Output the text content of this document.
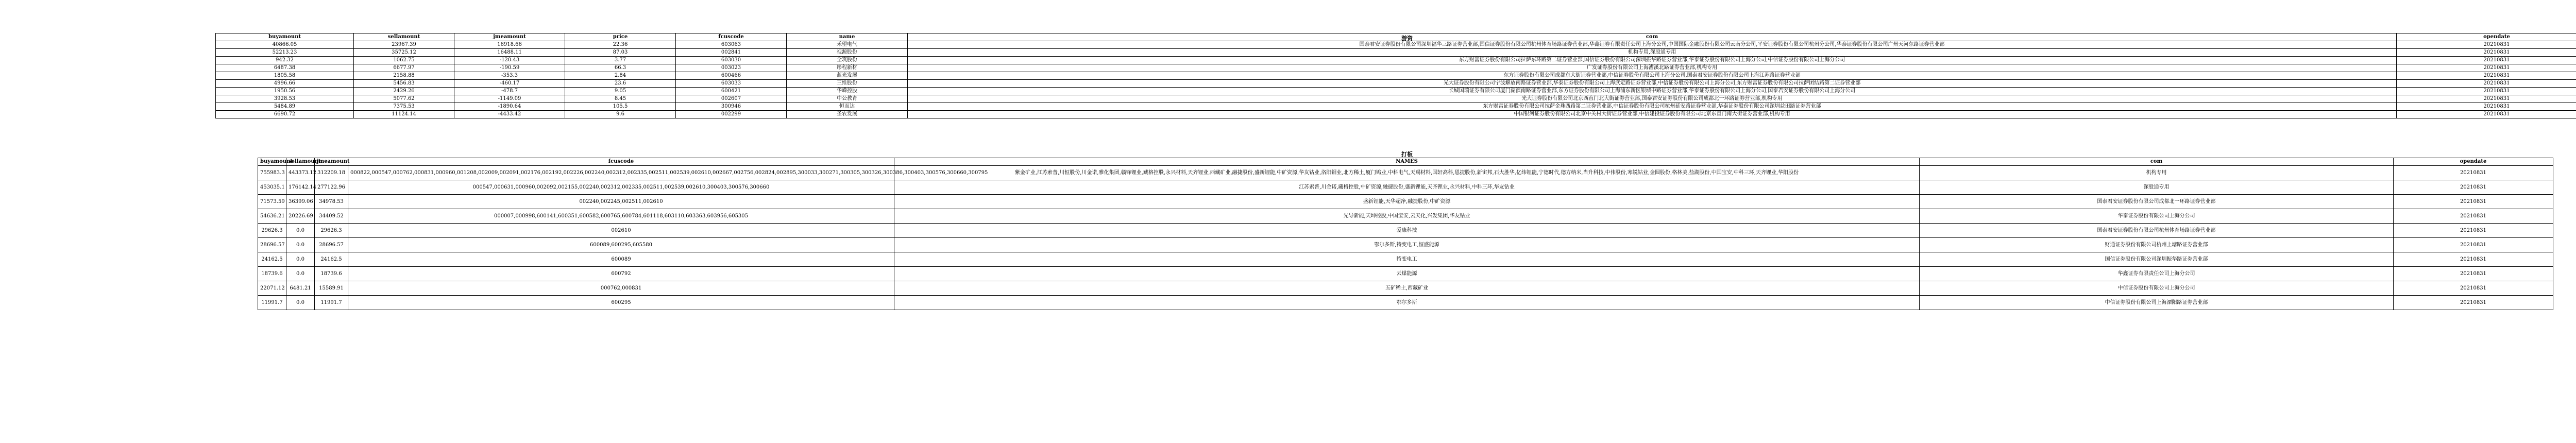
游资
buyamount	sellamount	jmeamount	price	fcuscode	name	com	opendate
40866.05	23967.39	16918.66	22.36	603063	禾望电气	国泰君安证券股份有限公司深圳福华三路证券营业部,国信证券股份有限公司杭州体育场路证券营业部,华鑫证券有限责任公司上海分公司,中国国际金融股份有限公司云南分公司,平安证券股份有限公司杭州分公司,华泰证券股份有限公司广州天河东路证券营业部	20210831
52213.23	35725.12	16488.11	87.03	002841	视源股份	机构专用,深股通专用	20210831
942.32	1062.75	-120.43	3.77	603030	全筑股份	东方财富证券股份有限公司拉萨东环路第二证券营业部,国信证券股份有限公司深圳振华路证券营业部,华泰证券股份有限公司上海分公司,中信证券股份有限公司上海分公司	20210831
6487.38	6677.97	-190.59	66.3	003023	彤程新材	广发证券股份有限公司上海漕溪北路证券营业部,机构专用	20210831
1805.58	2158.88	-353.3	2.84	600466	蓝光发展	东方证券股份有限公司成都东大街证券营业部,中信证券股份有限公司上海分公司,国泰君安证券股份有限公司上海江苏路证券营业部	20210831
4996.66	5456.83	-460.17	23.6	603033	三维股份	光大证券股份有限公司宁波解放南路证券营业部,华泰证券股份有限公司上海武定路证券营业部,中信证券股份有限公司上海分公司,东方财富证券股份有限公司拉萨团结路第二证券营业部	20210831
1950.56	2429.26	-478.7	9.05	600421	华嵘控股	长城国瑞证券有限公司厦门湖滨南路证券营业部,东方证券股份有限公司上海浦东新区银城中路证券营业部,华泰证券股份有限公司上海分公司,国泰君安证券股份有限公司上海分公司	20210831
3928.53	5077.62	-1149.09	8.45	002607	中公教育	光大证券股份有限公司北京西直门北大街证券营业部,国泰君安证券股份有限公司成都北一环路证券营业部,机构专用	20210831
5484.89	7375.53	-1890.64	105.5	300946	恒而达	东方财富证券股份有限公司拉萨金珠西路第二证券营业部,中信证券股份有限公司杭州延安路证券营业部,华泰证券股份有限公司深圳益田路证券营业部	20210831
6690.72	11124.14	-4433.42	9.6	002299	圣农发展	中国银河证券股份有限公司北京中关村大街证券营业部,中信建投证券股份有限公司北京东直门南大街证券营业部,机构专用	20210831
打板
buyamount	sellamount	jmeamount	fcuscode	NAMES	com	opendate
755983.3	443373.12	312209.18	000822,000547,000762,000831,000960,001208,002009,002091,002176,002192,002226,002240,002312,002335,002511,002539,002610,002667,002756,002824,002895,300033,300271,300305,300326,300386,300403,300576,300660,300795	紫金矿业,江苏索普,川恒股份,川金诺,雅化集团,赣锋锂业,藏格控股,永兴材料,天齐锂业,西藏矿业,融捷股份,盛新锂能,中矿资源,华友钴业,洛阳钼业,北方稀土,厦门钨业,中科电气,天赐材料,国轩高科,恩捷股份,新宙邦,石大胜华,亿纬锂能,宁德时代,德方纳米,当升科技,中伟股份,寒锐钴业,金圆股份,格林美,盐湖股份,中国宝安,中科三环,天齐锂业,华阳股份	机构专用	20210831
453035.1	176142.14	277122.96	000547,000631,000960,002092,002155,002240,002312,002335,002511,002539,002610,300403,300576,300660	江苏索普,川金诺,藏格控股,中矿资源,融捷股份,盛新锂能,天齐锂业,永兴材料,中科三环,华友钴业	深股通专用	20210831
71573.59	36399.06	34978.53	002240,002245,002511,002610	盛新锂能,天华超净,融捷股份,中矿资源	国泰君安证券股份有限公司成都北一环路证券营业部	20210831
54636.21	20226.69	34409.52	000007,000998,600141,600351,600582,600765,600784,601118,603110,603363,603956,605305	先导新能,天坤控股,中国宝安,云天化,兴发集团,华友钴业	华泰证券股份有限公司上海分公司	20210831
29626.3	0.0	29626.3	002610	爱康科技	国泰君安证券股份有限公司杭州体育场路证券营业部	20210831
28696.57	0.0	28696.57	600089,600295,605580	鄂尔多斯,特变电工,恒盛能源	财通证券股份有限公司杭州上塘路证券营业部	20210831
24162.5	0.0	24162.5	600089	特变电工	国信证券股份有限公司深圳振华路证券营业部	20210831
18739.6	0.0	18739.6	600792	云煤能源	华鑫证券有限责任公司上海分公司	20210831
22071.12	6481.21	15589.91	000762,000831	五矿稀土,西藏矿业	中信证券股份有限公司上海分公司	20210831
11991.7	0.0	11991.7	600295	鄂尔多斯	中信证券股份有限公司上海溧阳路证券营业部	20210831
